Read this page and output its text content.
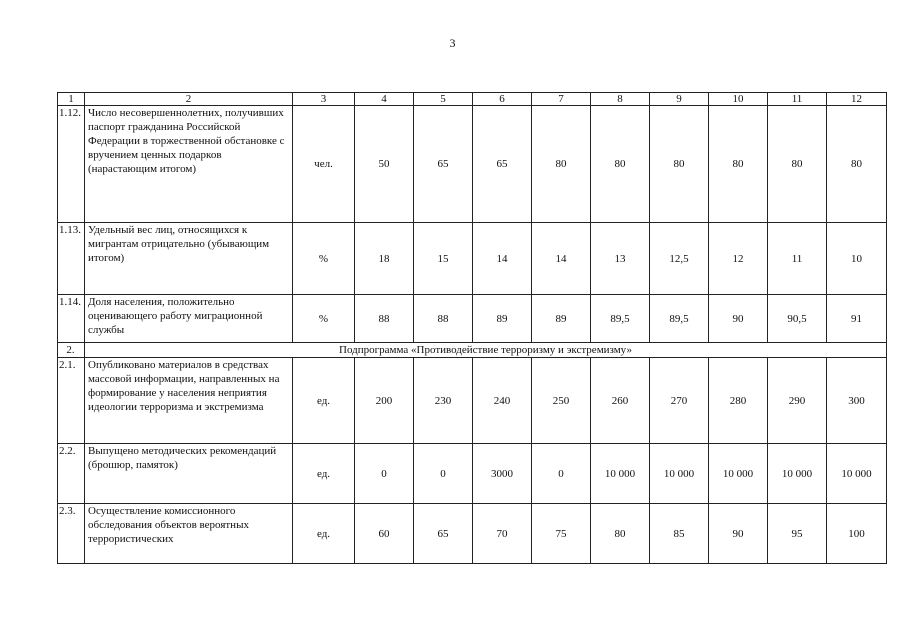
3
1	2	3	4	5	6	7	8	9	10	11	12
1.12.	Число несовершеннолетних, получивших паспорт гражданина Российской Федерации в торжественной обстановке с вручением ценных подарков (нарастающим итогом)	чел.	50	65	65	80	80	80	80	80	80
1.13.	Удельный вес лиц, относящихся к мигрантам отрицательно (убывающим итогом)	%	18	15	14	14	13	12,5	12	11	10
1.14.	Доля населения, положительно оценивающего работу миграционной службы	%	88	88	89	89	89,5	89,5	90	90,5	91
2.	Подпрограмма «Противодействие терроризму и экстремизму»										
2.1.	Опубликовано материалов в средствах массовой информации, направленных на формирование у населения неприятия идеологии терроризма и экстремизма	ед.	200	230	240	250	260	270	280	290	300
2.2.	Выпущено методических рекомендаций (брошюр, памяток)	ед.	0	0	3000	0	10 000	10 000	10 000	10 000	10 000
2.3.	Осуществление комиссионного обследования объектов вероятных террористических	ед.	60	65	70	75	80	85	90	95	100
